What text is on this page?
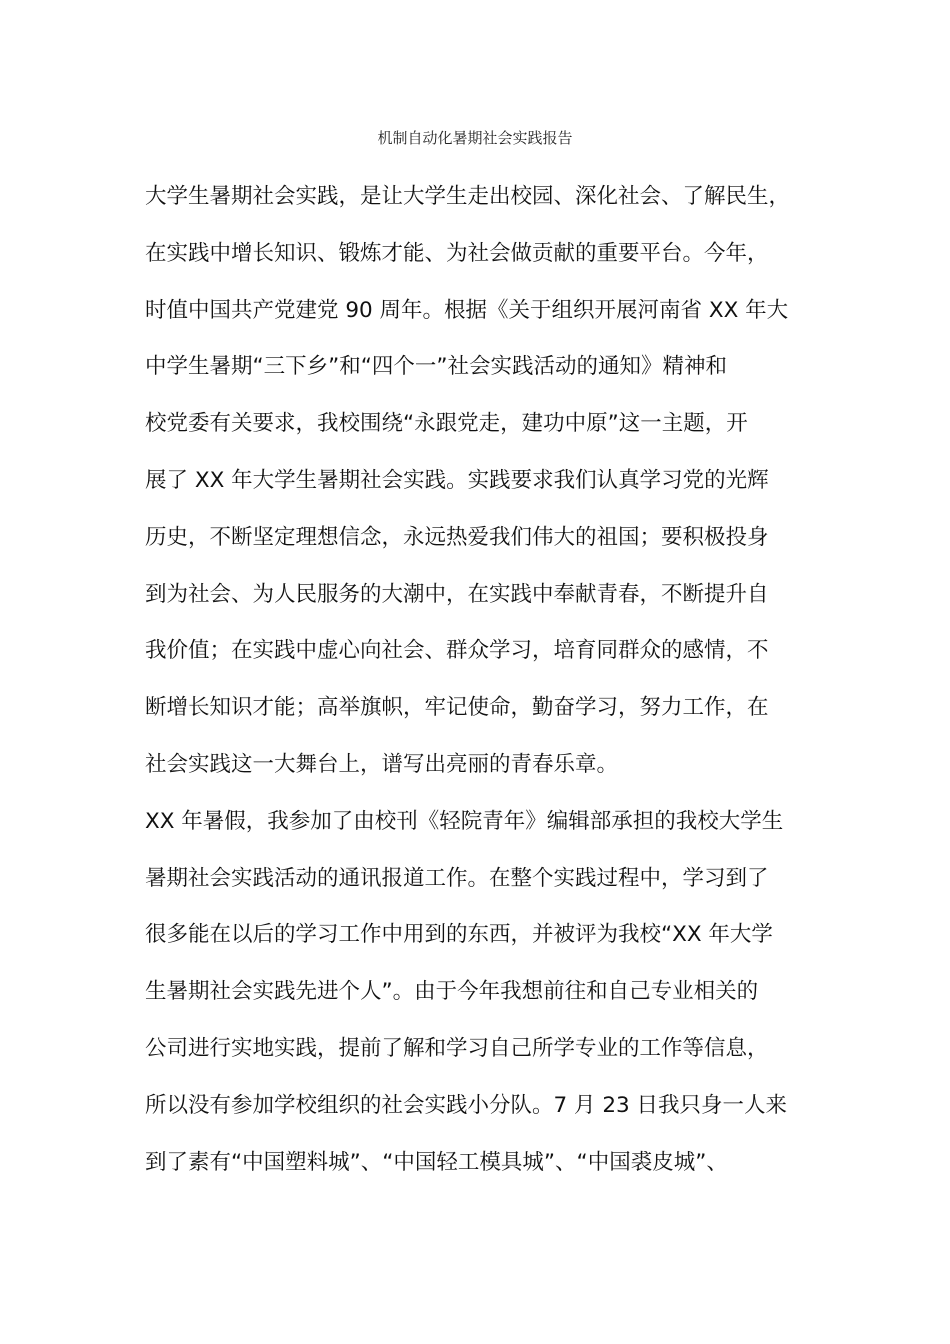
机制自动化暑期社会实践报告
大学生暑期社会实践，是让大学生走出校园、深化社会、了解民生，
在实践中增长知识、锻炼才能、为社会做贡献的重要平台。今年，
时值中国共产党建党 90 周年。根据《关于组织开展河南省 XX 年大
中学生暑期“三下乡”和“四个一”社会实践活动的通知》精神和
校党委有关要求，我校围绕“永跟党走，建功中原”这一主题，开
展了 XX 年大学生暑期社会实践。实践要求我们认真学习党的光辉
历史，不断坚定理想信念，永远热爱我们伟大的祖国；要积极投身
到为社会、为人民服务的大潮中，在实践中奉献青春，不断提升自
我价值；在实践中虚心向社会、群众学习，培育同群众的感情，不
断增长知识才能；高举旗帜，牢记使命，勤奋学习，努力工作，在
社会实践这一大舞台上，谱写出亮丽的青春乐章。
XX 年暑假，我参加了由校刊《轻院青年》编辑部承担的我校大学生
暑期社会实践活动的通讯报道工作。在整个实践过程中，学习到了
很多能在以后的学习工作中用到的东西，并被评为我校“XX 年大学
生暑期社会实践先进个人”。由于今年我想前往和自己专业相关的
公司进行实地实践，提前了解和学习自己所学专业的工作等信息，
所以没有参加学校组织的社会实践小分队。7 月 23 日我只身一人来
到了素有“中国塑料城”、“中国轻工模具城”、“中国裘皮城”、
